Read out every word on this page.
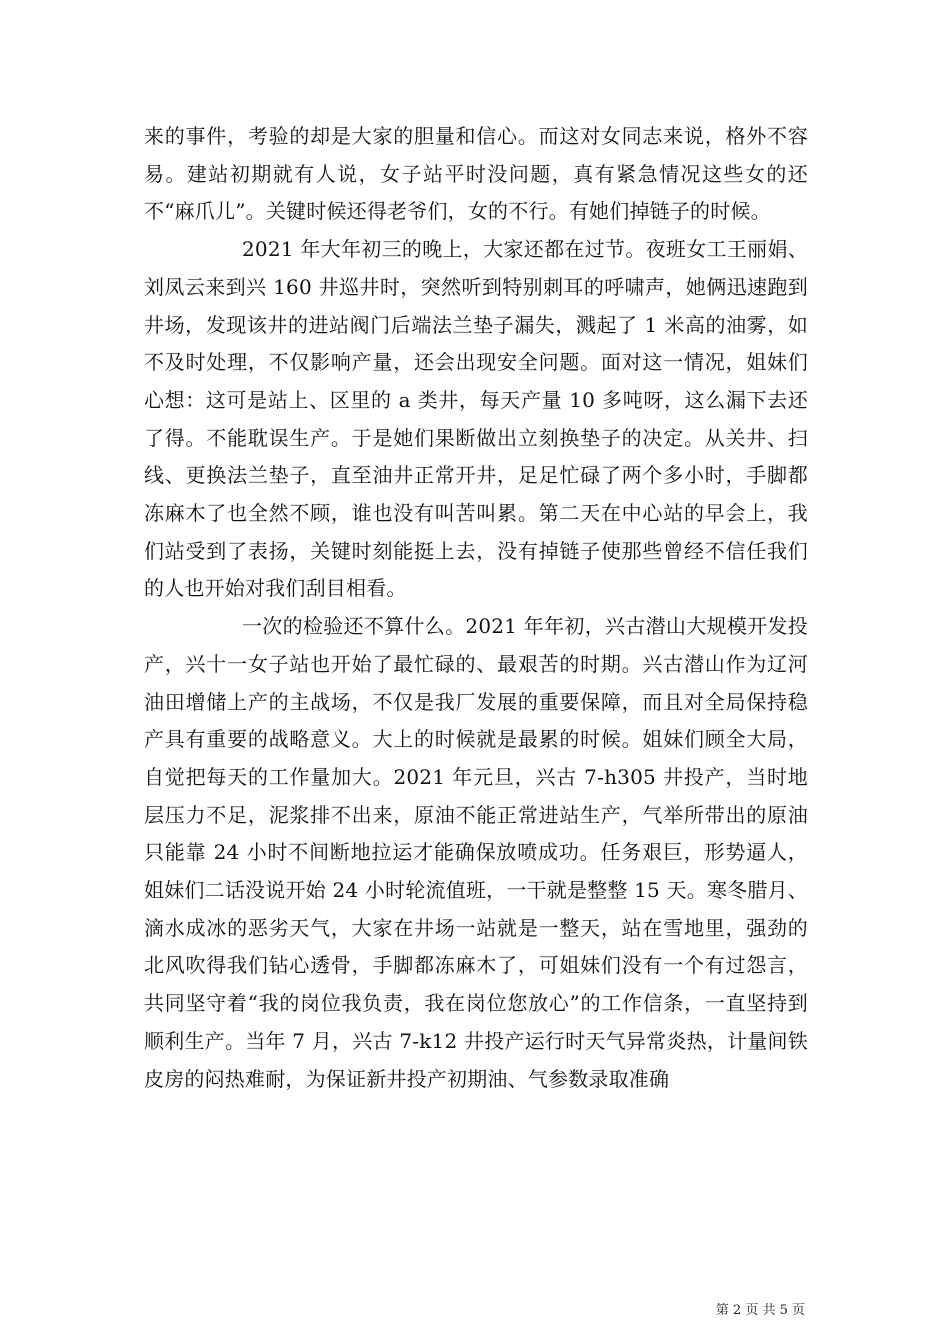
来的事件，考验的却是大家的胆量和信心。而这对女同志来说，格外不容易。建站初期就有人说，女子站平时没问题，真有紧急情况这些女的还不“麻爪儿”。关键时候还得老爷们，女的不行。有她们掉链子的时候。

2021 年大年初三的晚上，大家还都在过节。夜班女工王丽娟、刘凤云来到兴 160 井巡井时，突然听到特别刺耳的呼啸声，她俩迅速跑到井场，发现该井的进站阀门后端法兰垫子漏失，溅起了 1 米高的油雾，如不及时处理，不仅影响产量，还会出现安全问题。面对这一情况，姐妹们心想：这可是站上、区里的 a 类井，每天产量 10 多吨呀，这么漏下去还了得。不能耽误生产。于是她们果断做出立刻换垫子的决定。从关井、扫线、更换法兰垫子，直至油井正常开井，足足忙碌了两个多小时，手脚都冻麻木了也全然不顾，谁也没有叫苦叫累。第二天在中心站的早会上，我们站受到了表扬，关键时刻能挺上去，没有掉链子使那些曾经不信任我们的人也开始对我们刮目相看。

一次的检验还不算什么。2021 年年初，兴古潜山大规模开发投产，兴十一女子站也开始了最忙碌的、最艰苦的时期。兴古潜山作为辽河油田增储上产的主战场，不仅是我厂发展的重要保障，而且对全局保持稳产具有重要的战略意义。大上的时候就是最累的时候。姐妹们顾全大局，自觉把每天的工作量加大。2021 年元旦，兴古 7-h305 井投产，当时地层压力不足，泥浆排不出来，原油不能正常进站生产，气举所带出的原油只能靠 24 小时不间断地拉运才能确保放喷成功。任务艰巨，形势逼人，姐妹们二话没说开始 24 小时轮流值班，一干就是整整 15 天。寒冬腊月、滴水成冰的恶劣天气，大家在井场一站就是一整天，站在雪地里，强劲的北风吹得我们钻心透骨，手脚都冻麻木了，可姐妹们没有一个有过怨言，共同坚守着“我的岗位我负责，我在岗位您放心”的工作信条，一直坚持到顺利生产。当年 7 月，兴古 7-k12 井投产运行时天气异常炎热，计量间铁皮房的闷热难耐，为保证新井投产初期油、气参数录取准确

第 2 页 共 5 页
